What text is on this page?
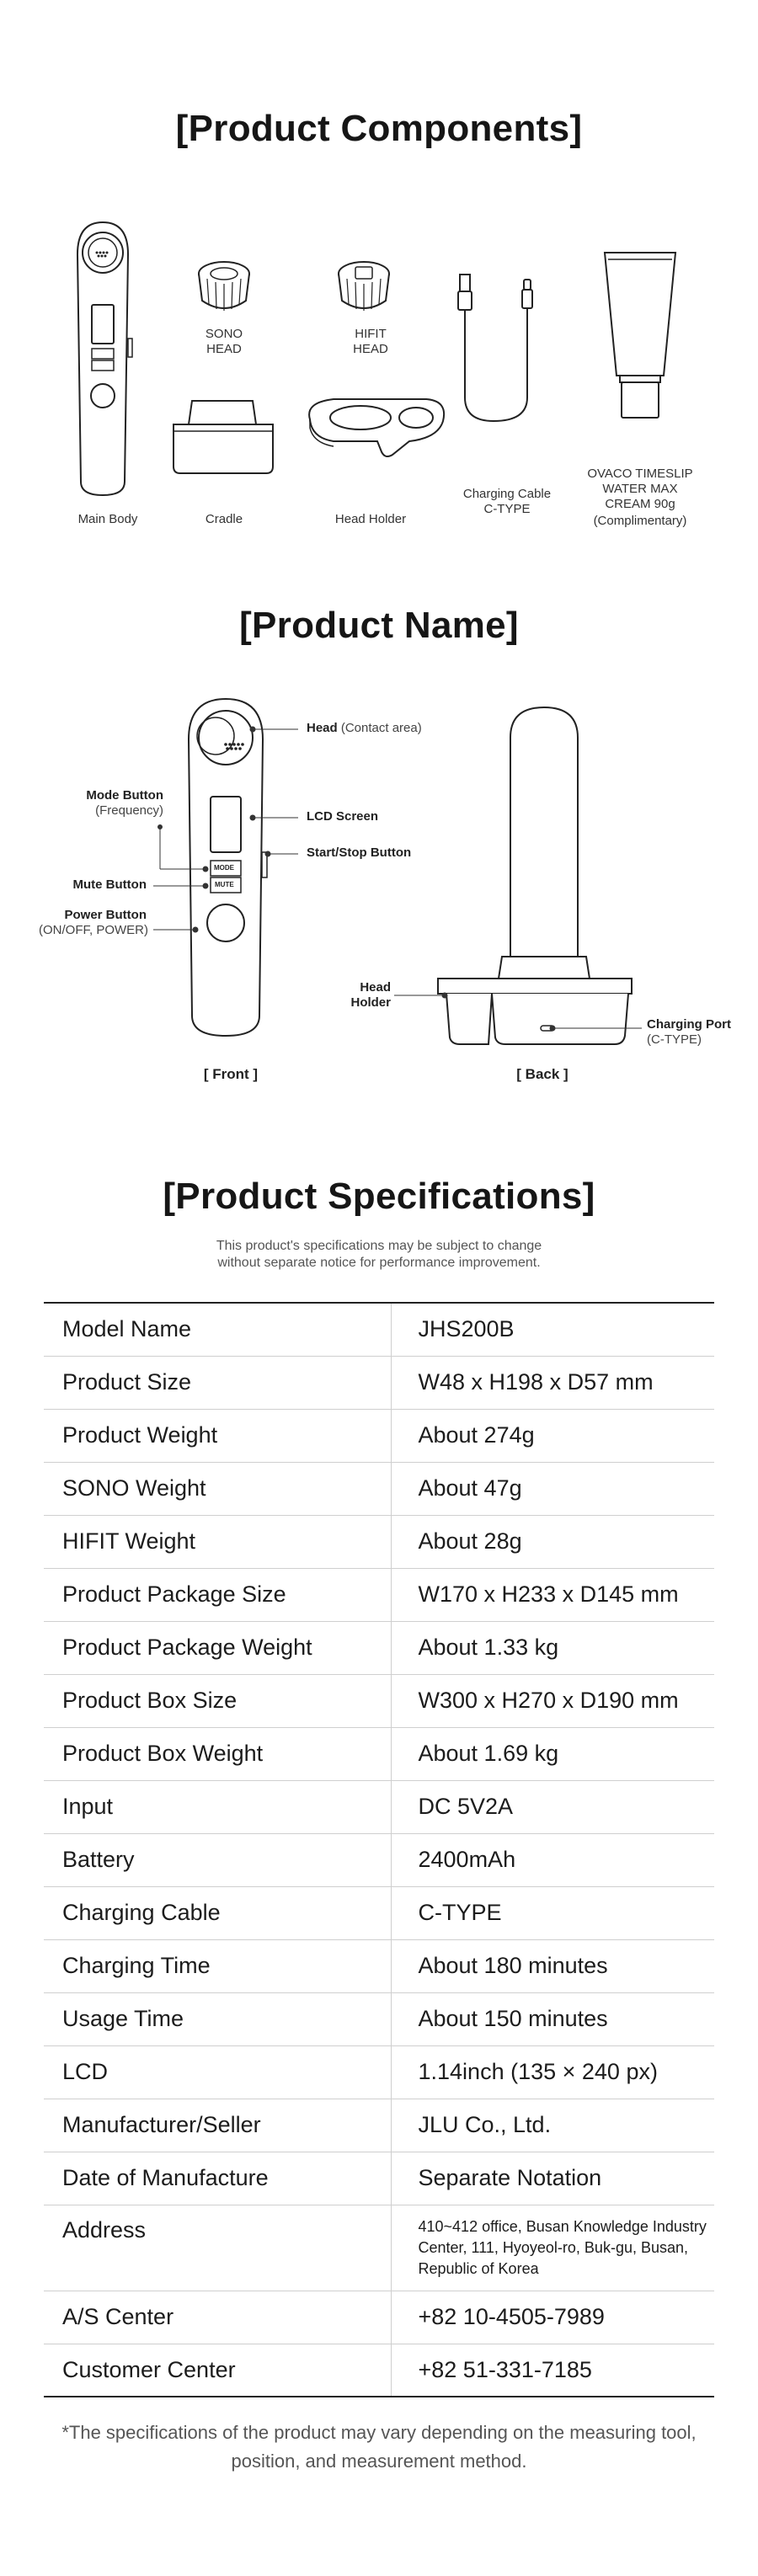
[Product Components]
Main Body
SONO
HEAD
HIFIT
HEAD
Cradle	Head Holder
Charging Cable
C-TYPE
OVACO TIMESLIP
WATER MAX
CREAM 90g
(Complimentary)
[Product Name]
MODE
MUTE
Head (Contact area)
LCD Screen
Start/Stop Button
Mode Button
(Frequency)
Mute Button
Power Button
(ON/OFF, POWER)
[ Front ]
Head
Holder
Charging Port
(C-TYPE)
[ Back ]
[Product Specifications]
This product's specifications may be subject to change
without separate notice for performance improvement.
Model Name	JHS200B
Product Size	W48 x H198 x D57 mm
Product Weight	About 274g
SONO Weight	About 47g
HIFIT Weight	About 28g
Product Package Size	W170 x H233 x D145 mm
Product Package Weight	About 1.33 kg
Product Box Size	W300 x H270 x D190 mm
Product Box Weight	About 1.69 kg
Input	DC 5V2A
Battery	2400mAh
Charging Cable	C-TYPE
Charging Time	About 180 minutes
Usage Time	About 150 minutes
LCD	1.14inch (135 × 240 px)
Manufacturer/Seller	JLU Co., Ltd.
Date of Manufacture	Separate Notation
Address	410~412 office, Busan Knowledge Industry Center, 111, Hyoyeol-ro, Buk-gu, Busan, Republic of Korea
A/S Center	+82 10-4505-7989
Customer Center	+82 51-331-7185
*The specifications of the product may vary depending on the measuring tool,
position, and measurement method.
